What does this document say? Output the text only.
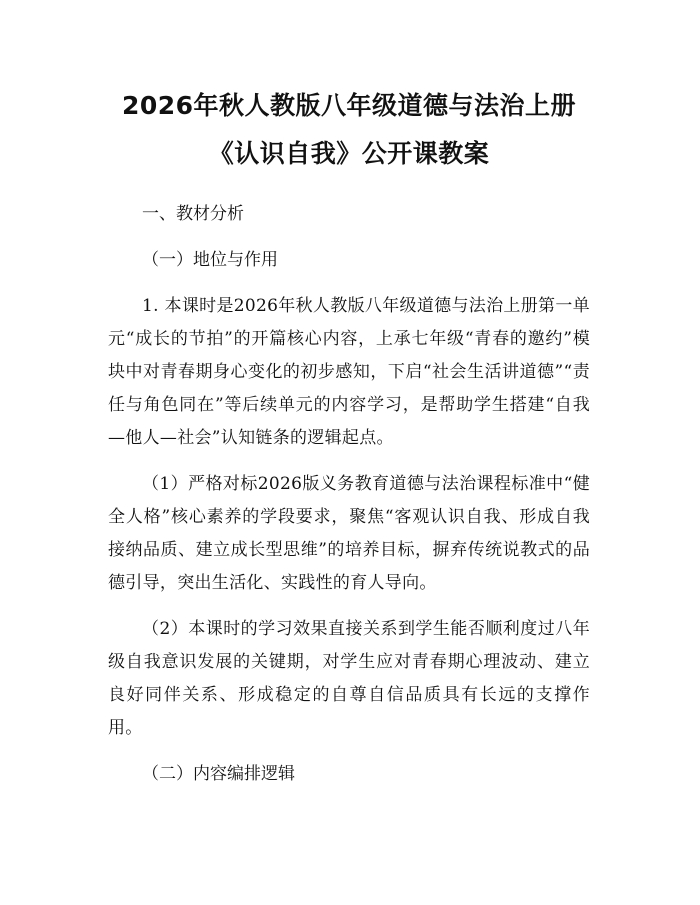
2026年秋人教版八年级道德与法治上册《认识自我》公开课教案

一、教材分析

（一）地位与作用

1. 本课时是2026年秋人教版八年级道德与法治上册第一单元“成长的节拍”的开篇核心内容，上承七年级“青春的邀约”模块中对青春期身心变化的初步感知，下启“社会生活讲道德”“责任与角色同在”等后续单元的内容学习，是帮助学生搭建“自我—他人—社会”认知链条的逻辑起点。

（1）严格对标2026版义务教育道德与法治课程标准中“健全人格”核心素养的学段要求，聚焦“客观认识自我、形成自我接纳品质、建立成长型思维”的培养目标，摒弃传统说教式的品德引导，突出生活化、实践性的育人导向。

（2）本课时的学习效果直接关系到学生能否顺利度过八年级自我意识发展的关键期，对学生应对青春期心理波动、建立良好同伴关系、形成稳定的自尊自信品质具有长远的支撑作用。

（二）内容编排逻辑
